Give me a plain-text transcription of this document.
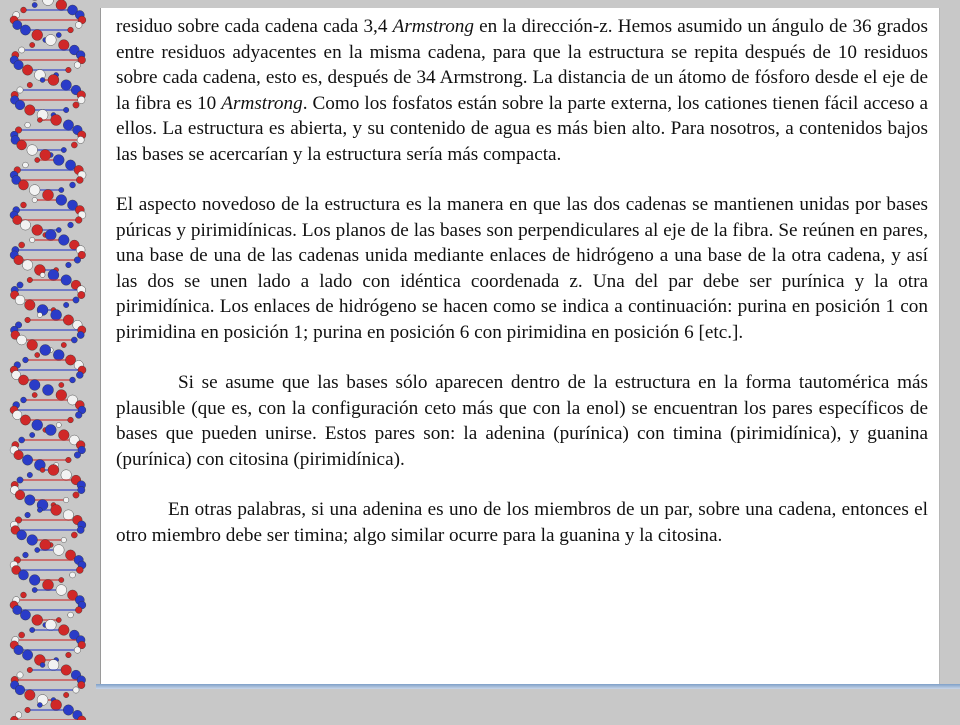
residuo sobre cada cadena cada 3,4 Armstrong en la dirección-z. Hemos asumido un ángulo de 36 grados entre residuos adyacentes en la misma cadena, para que la estructura se repita después de 10 residuos sobre cada cadena, esto es, después de 34 Armstrong. La distancia de un átomo de fósforo desde el eje de la fibra es 10 Armstrong. Como los fosfatos están sobre la parte externa, los cationes tienen fácil acceso a ellos. La estructura es abierta, y su contenido de agua es más bien alto. Para nosotros, a contenidos bajos las bases se acercarían y la estructura sería más compacta.

El aspecto novedoso de la estructura es la manera en que las dos cadenas se mantienen unidas por bases púricas y pirimidínicas. Los planos de las bases son perpendiculares al eje de la fibra. Se reúnen en pares, una base de una de las cadenas unida mediante enlaces de hidrógeno a una base de la otra cadena, y así las dos se unen lado a lado con idéntica coordenada z. Una del par debe ser purínica y la otra pirimidínica. Los enlaces de hidrógeno se hacen como se indica a continuación: purina en posición 1 con pirimidina en posición 1; purina en posición 6 con pirimidina en posición 6 [etc.].

Si se asume que las bases sólo aparecen dentro de la estructura en la forma tautomérica más plausible (que es, con la configuración ceto más que con la enol) se encuentran los pares específicos de bases que pueden unirse. Estos pares son: la adenina (purínica) con timina (pirimidínica), y guanina (purínica) con citosina (pirimidínica).

En otras palabras, si una adenina es uno de los miembros de un par, sobre una cadena, entonces el otro miembro debe ser timina; algo similar ocurre para la guanina y la citosina.
